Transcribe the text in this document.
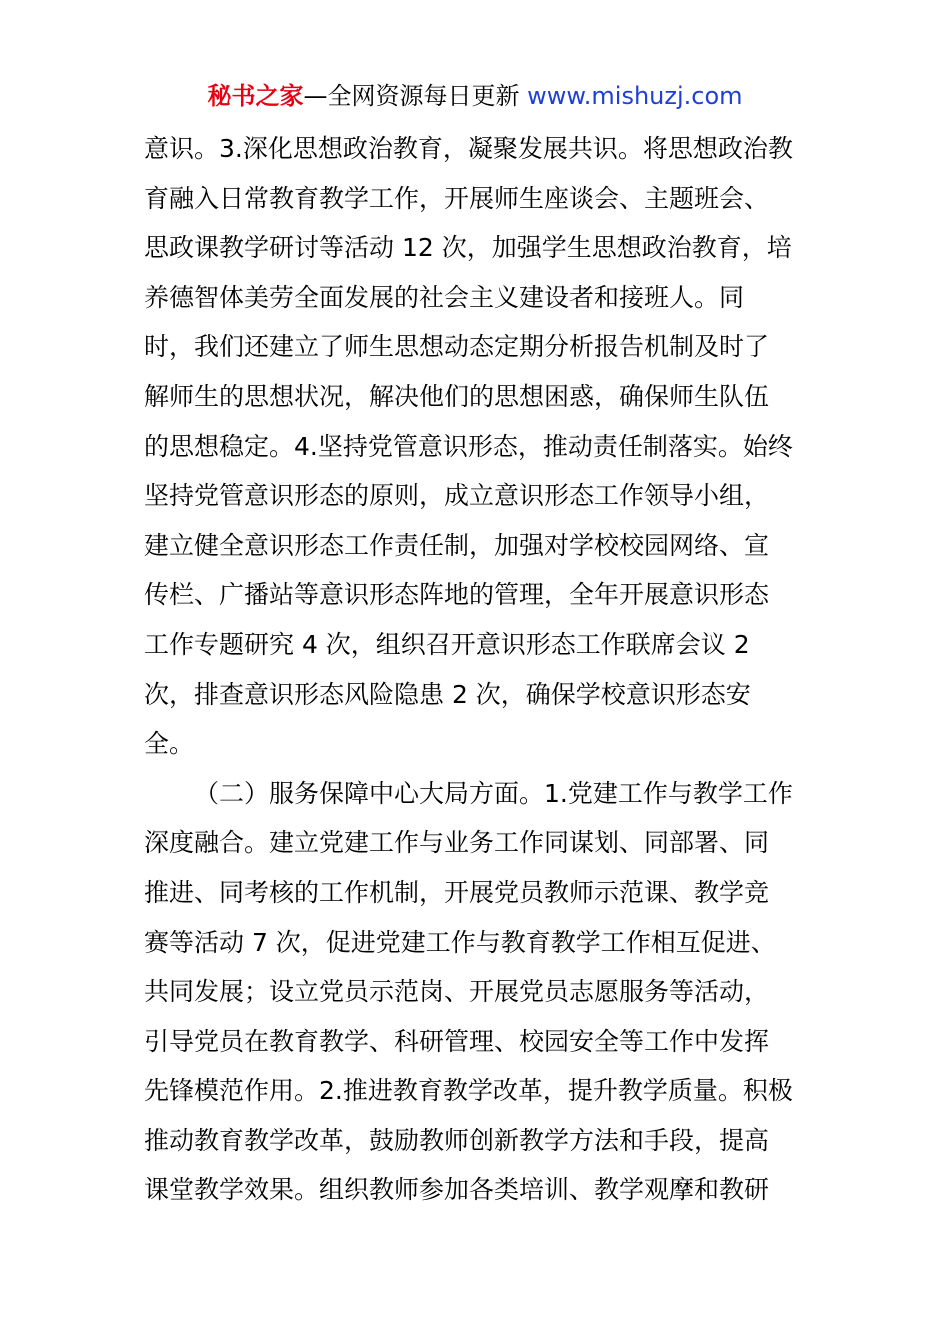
秘书之家—全网资源每日更新 www.mishuzj.com
意识。3.深化思想政治教育，凝聚发展共识。将思想政治教
育融入日常教育教学工作，开展师生座谈会、主题班会、
思政课教学研讨等活动 12 次，加强学生思想政治教育，培
养德智体美劳全面发展的社会主义建设者和接班人。同
时，我们还建立了师生思想动态定期分析报告机制及时了
解师生的思想状况，解决他们的思想困惑，确保师生队伍
的思想稳定。4.坚持党管意识形态，推动责任制落实。始终
坚持党管意识形态的原则，成立意识形态工作领导小组，
建立健全意识形态工作责任制，加强对学校校园网络、宣
传栏、广播站等意识形态阵地的管理，全年开展意识形态
工作专题研究 4 次，组织召开意识形态工作联席会议 2
次，排查意识形态风险隐患 2 次，确保学校意识形态安
全。
（二）服务保障中心大局方面。1.党建工作与教学工作
深度融合。建立党建工作与业务工作同谋划、同部署、同
推进、同考核的工作机制，开展党员教师示范课、教学竞
赛等活动 7 次，促进党建工作与教育教学工作相互促进、
共同发展；设立党员示范岗、开展党员志愿服务等活动，
引导党员在教育教学、科研管理、校园安全等工作中发挥
先锋模范作用。2.推进教育教学改革，提升教学质量。积极
推动教育教学改革，鼓励教师创新教学方法和手段，提高
课堂教学效果。组织教师参加各类培训、教学观摩和教研
